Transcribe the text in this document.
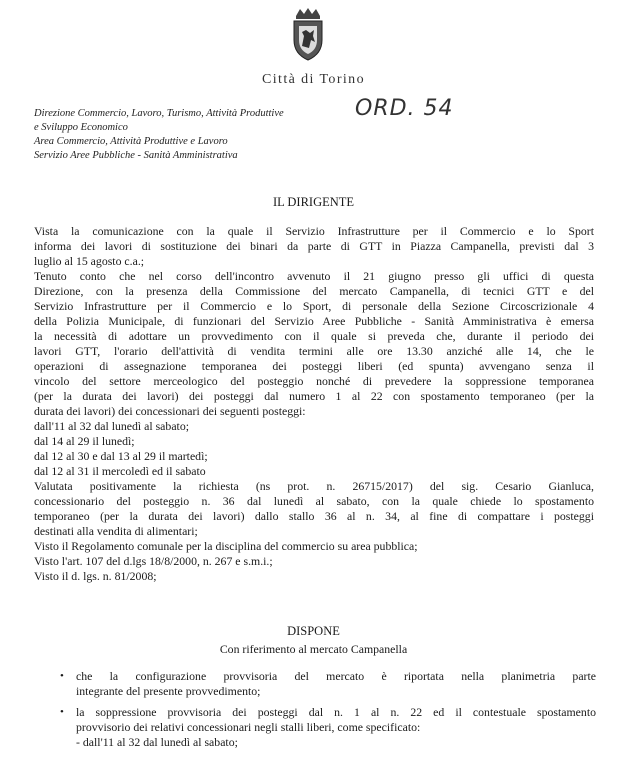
Città di Torino
Direzione Commercio, Lavoro, Turismo, Attività Produttive
e Sviluppo Economico
Area Commercio, Attività Produttive e Lavoro
Servizio Aree Pubbliche - Sanità Amministrativa
ORD. 54
IL DIRIGENTE
Vista la comunicazione con la quale il Servizio Infrastrutture per il Commercio e lo Sport
informa dei lavori di sostituzione dei binari da parte di GTT in Piazza Campanella, previsti dal 3
luglio al 15 agosto c.a.;
Tenuto conto che nel corso dell'incontro avvenuto il 21 giugno presso gli uffici di questa
Direzione, con la presenza della Commissione del mercato Campanella, di tecnici GTT e del
Servizio Infrastrutture per il Commercio e lo Sport, di personale della Sezione Circoscrizionale 4
della Polizia Municipale, di funzionari del Servizio Aree Pubbliche - Sanità Amministrativa è emersa
la necessità di adottare un provvedimento con il quale si preveda che, durante il periodo dei
lavori GTT, l'orario dell'attività di vendita termini alle ore 13.30 anziché alle 14, che le
operazioni di assegnazione temporanea dei posteggi liberi (ed spunta) avvengano senza il
vincolo del settore merceologico del posteggio nonché di prevedere la soppressione temporanea
(per la durata dei lavori) dei posteggi dal numero 1 al 22 con spostamento temporaneo (per la
durata dei lavori) dei concessionari dei seguenti posteggi:
dall'11 al 32 dal lunedì al sabato;
dal 14 al 29 il lunedì;
dal 12 al 30 e dal 13 al 29 il martedì;
dal 12 al 31 il mercoledì ed il sabato
Valutata positivamente la richiesta (ns prot. n. 26715/2017) del sig. Cesario Gianluca,
concessionario del posteggio n. 36 dal lunedì al sabato, con la quale chiede lo spostamento
temporaneo (per la durata dei lavori) dallo stallo 36 al n. 34, al fine di compattare i posteggi
destinati alla vendita di alimentari;
Visto il Regolamento comunale per la disciplina del commercio su area pubblica;
Visto l'art. 107 del d.lgs 18/8/2000, n. 267 e s.m.i.;
Visto il d. lgs. n. 81/2008;
DISPONE
Con riferimento al mercato Campanella
• che la configurazione provvisoria del mercato è riportata nella planimetria parte
integrante del presente provvedimento;
• la soppressione provvisoria dei posteggi dal n. 1 al n. 22 ed il contestuale spostamento
provvisorio dei relativi concessionari negli stalli liberi, come specificato:
- dall'11 al 32 dal lunedì al sabato;
